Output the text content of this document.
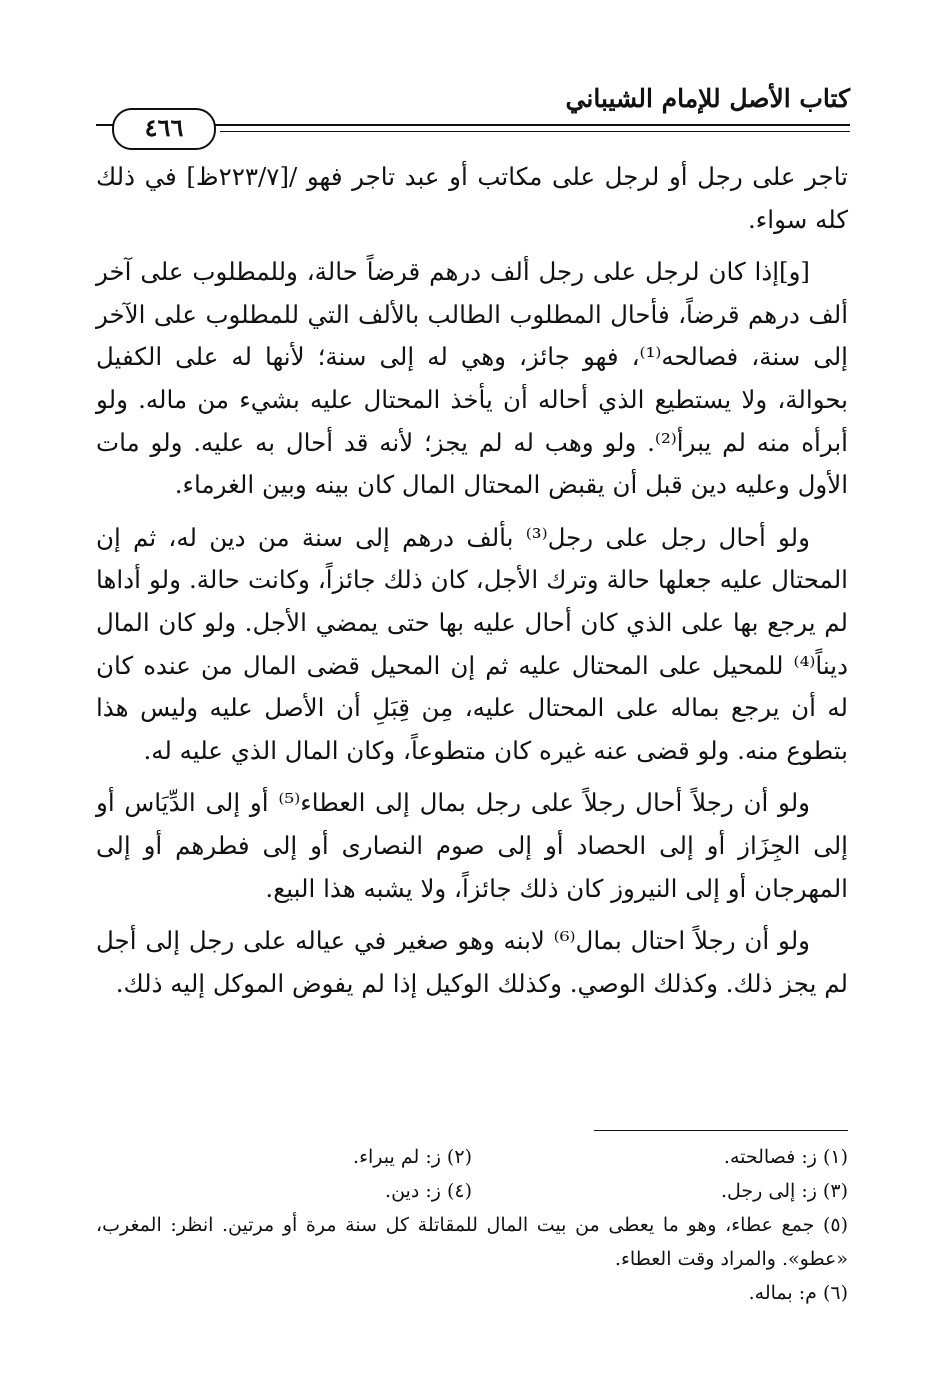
كتاب الأصل للإمام الشيباني
٤٦٦

تاجر على رجل أو لرجل على مكاتب أو عبد تاجر فهو /[٢٢٣/٧ظ] في ذلك كله سواء.

[و]إذا كان لرجل على رجل ألف درهم قرضاً حالة، وللمطلوب على آخر ألف درهم قرضاً، فأحال المطلوب الطالب بالألف التي للمطلوب على الآخر إلى سنة، فصالحه⁽¹⁾، فهو جائز، وهي له إلى سنة؛ لأنها له على الكفيل بحوالة، ولا يستطيع الذي أحاله أن يأخذ المحتال عليه بشيء من ماله. ولو أبرأه منه لم يبرأ⁽²⁾. ولو وهب له لم يجز؛ لأنه قد أحال به عليه. ولو مات الأول وعليه دين قبل أن يقبض المحتال المال كان بينه وبين الغرماء.

ولو أحال رجل على رجل⁽³⁾ بألف درهم إلى سنة من دين له، ثم إن المحتال عليه جعلها حالة وترك الأجل، كان ذلك جائزاً، وكانت حالة. ولو أداها لم يرجع بها على الذي كان أحال عليه بها حتى يمضي الأجل. ولو كان المال ديناً⁽⁴⁾ للمحيل على المحتال عليه ثم إن المحيل قضى المال من عنده كان له أن يرجع بماله على المحتال عليه، مِن قِبَلِ أن الأصل عليه وليس هذا بتطوع منه. ولو قضى عنه غيره كان متطوعاً، وكان المال الذي عليه له.

ولو أن رجلاً أحال رجلاً على رجل بمال إلى العطاء⁽⁵⁾ أو إلى الدِّيَاس أو إلى الجِزَاز أو إلى الحصاد أو إلى صوم النصارى أو إلى فطرهم أو إلى المهرجان أو إلى النيروز كان ذلك جائزاً، ولا يشبه هذا البيع.

ولو أن رجلاً احتال بمال⁽⁶⁾ لابنه وهو صغير في عياله على رجل إلى أجل لم يجز ذلك. وكذلك الوصي. وكذلك الوكيل إذا لم يفوض الموكل إليه ذلك.

(١) ز: فصالحته.
(٢) ز: لم يبراء.
(٣) ز: إلى رجل.
(٤) ز: دين.
(٥) جمع عطاء، وهو ما يعطى من بيت المال للمقاتلة كل سنة مرة أو مرتين. انظر: المغرب، «عطو». والمراد وقت العطاء.
(٦) م: بماله.
